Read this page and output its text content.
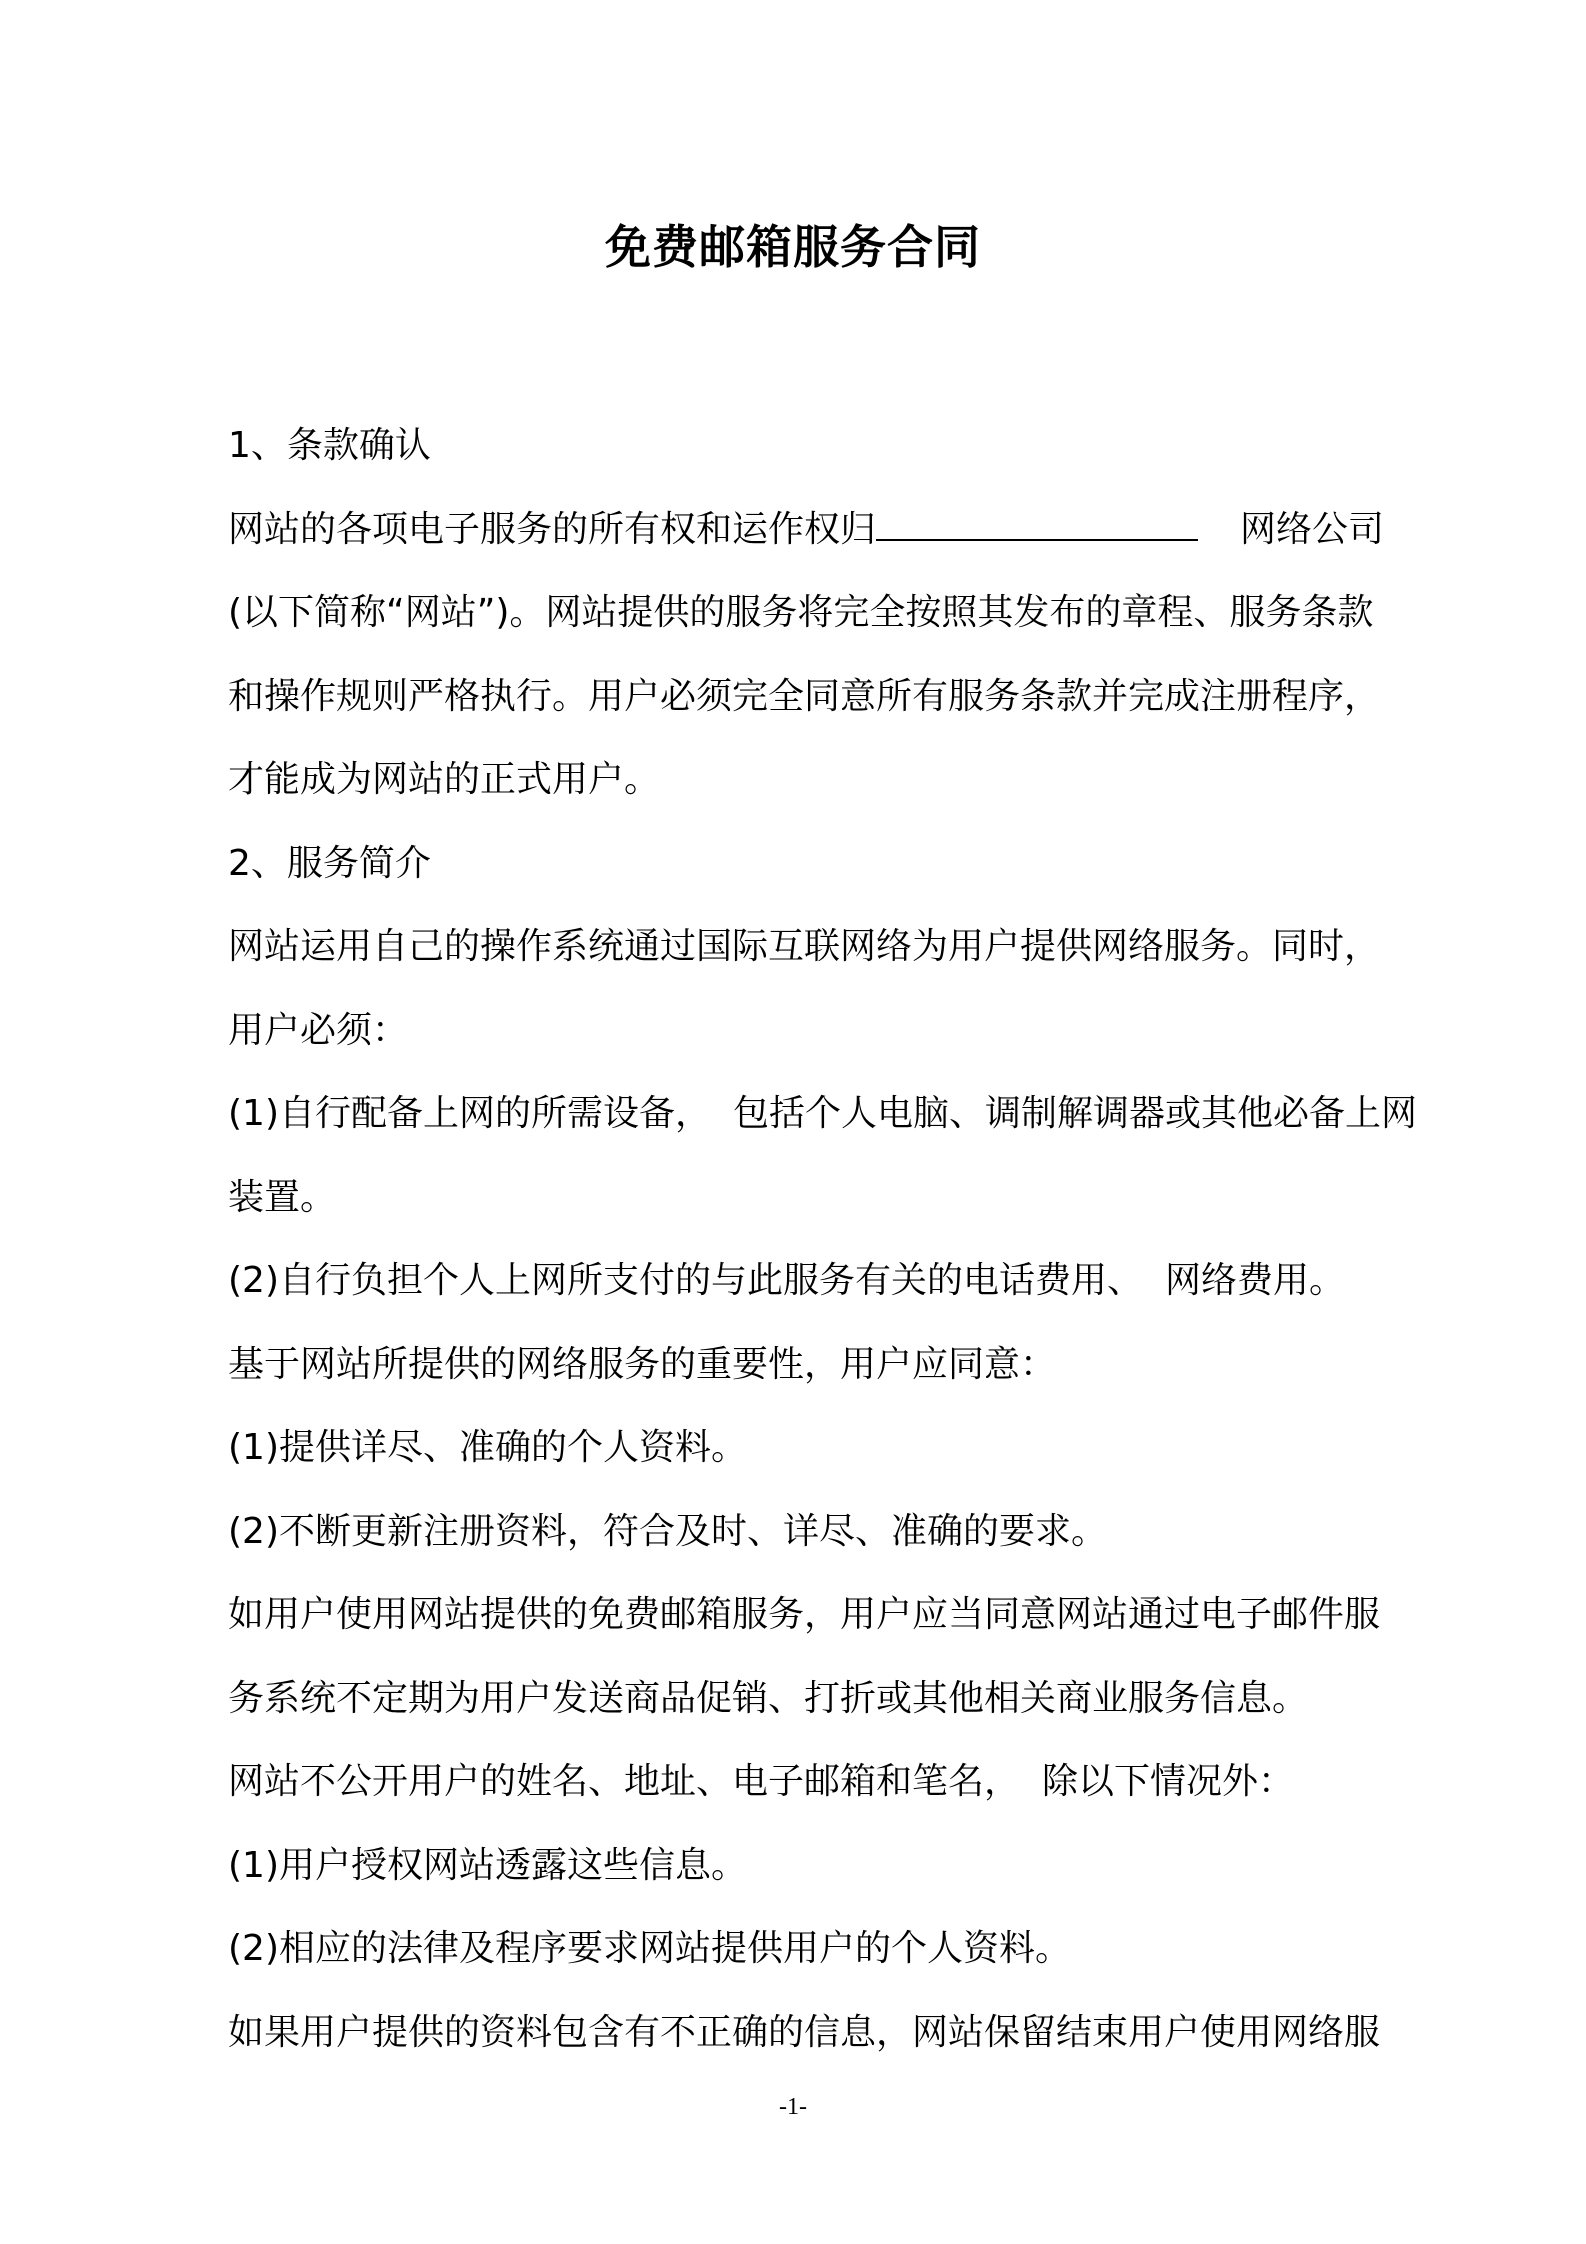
免费邮箱服务合同
1、条款确认
网站的各项电子服务的所有权和运作权归	网络公司
(以下简称“网站”)。网站提供的服务将完全按照其发布的章程、服务条款
和操作规则严格执行。用户必须完全同意所有服务条款并完成注册程序，
才能成为网站的正式用户。
2、服务简介
网站运用自己的操作系统通过国际互联网络为用户提供网络服务。同时，
用户必须：
(1)自行配备上网的所需设备， 包括个人电脑、调制解调器或其他必备上网
装置。
(2)自行负担个人上网所支付的与此服务有关的电话费用、 网络费用。
基于网站所提供的网络服务的重要性，用户应同意：
(1)提供详尽、准确的个人资料。
(2)不断更新注册资料，符合及时、详尽、准确的要求。
如用户使用网站提供的免费邮箱服务，用户应当同意网站通过电子邮件服
务系统不定期为用户发送商品促销、打折或其他相关商业服务信息。
网站不公开用户的姓名、地址、电子邮箱和笔名， 除以下情况外：
(1)用户授权网站透露这些信息。
(2)相应的法律及程序要求网站提供用户的个人资料。
如果用户提供的资料包含有不正确的信息，网站保留结束用户使用网络服
-1-
